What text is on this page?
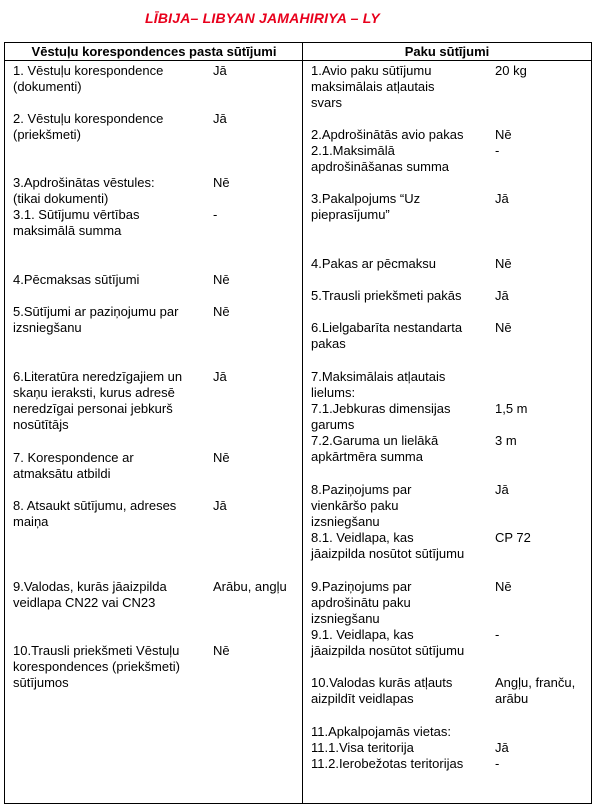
LĪBIJA– LIBYAN JAMAHIRIYA – LY
Vēstuļu korespondences pasta sūtījumi	Paku sūtījumi
1. Vēstuļu korespondence
(dokumenti)
Jā
2. Vēstuļu korespondence
(priekšmeti)
Jā
3.Apdrošinātas vēstules:
(tikai dokumenti)
Nē
3.1. Sūtījumu vērtības
maksimālā summa
-
4.Pēcmaksas sūtījumi	Nē
5.Sūtījumi ar paziņojumu par
izsniegšanu
Nē
6.Literatūra neredzīgajiem un
skaņu ieraksti, kurus adresē
neredzīgai personai jebkurš
nosūtītājs
Jā
7. Korespondence ar
atmaksātu atbildi
Nē
8. Atsaukt sūtījumu, adreses
maiņa
Jā
9.Valodas, kurās jāaizpilda
veidlapa CN22 vai CN23
Arābu, angļu
10.Trausli priekšmeti Vēstuļu
korespondences (priekšmeti)
sūtījumos
Nē
1.Avio paku sūtījumu
maksimālais atļautais
svars
20 kg
2.Apdrošinātās avio pakas Nē
2.1.Maksimālā
apdrošināšanas summa
-
3.Pakalpojums “Uz
pieprasījumu”
Jā
4.Pakas ar pēcmaksu	Nē
5.Trausli priekšmeti pakās	Jā
6.Lielgabarīta nestandarta
pakas
Nē
7.Maksimālais atļautais
lielums:
7.1.Jebkuras dimensijas
garums
1,5 m
7.2.Garuma un lielākā
apkārtmēra summa
3 m
8.Paziņojums par
vienkāršo paku
izsniegšanu
Jā
8.1. Veidlapa, kas
jāaizpilda nosūtot sūtījumu
CP 72
9.Paziņojums par
apdrošinātu paku
izsniegšanu
Nē
9.1. Veidlapa, kas
jāaizpilda nosūtot sūtījumu
-
10.Valodas kurās atļauts
aizpildīt veidlapas
Angļu, franču,
arābu
11.Apkalpojamās vietas:
11.1.Visa teritorija	Jā
11.2.Ierobežotas teritorijas -
